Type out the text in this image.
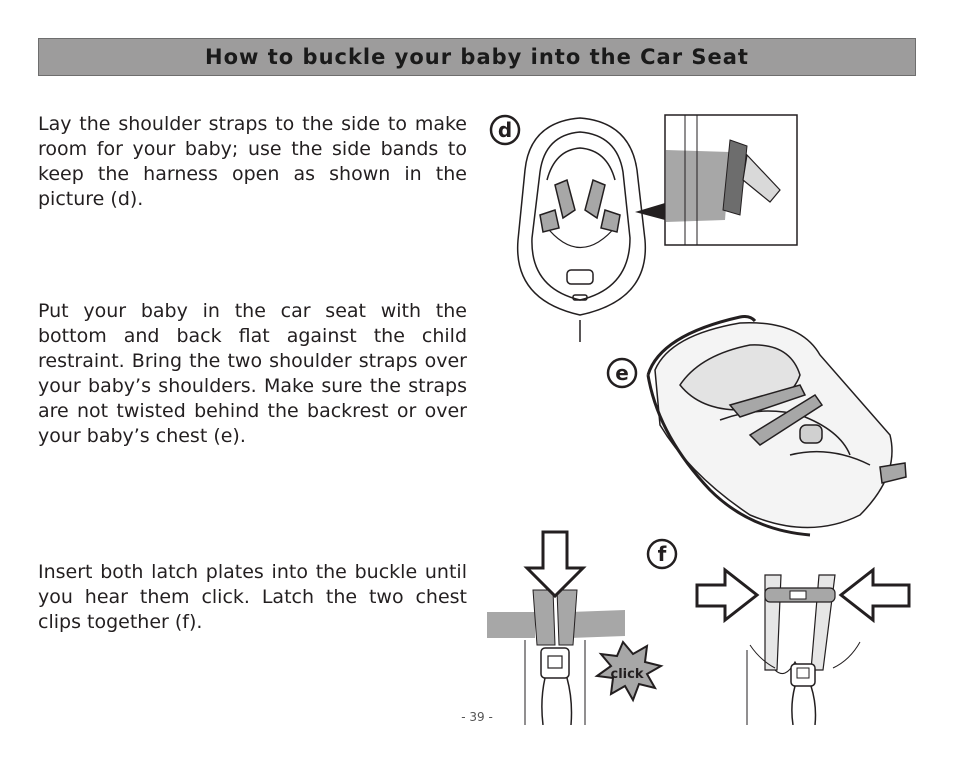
How to buckle your baby into the Car Seat

Lay the shoulder straps to the side to make room for your baby; use the side bands to keep the harness open as shown in the picture (d).

Put your baby in the car seat with the bottom and back flat against the child restraint. Bring the two shoulder straps over your baby’s shoulders. Make sure the straps are not twisted behind the backrest or over your baby’s chest (e).

Insert both latch plates into the buckle until you hear them click. Latch the two chest clips together (f).

d
e
f
click
- 39 -
